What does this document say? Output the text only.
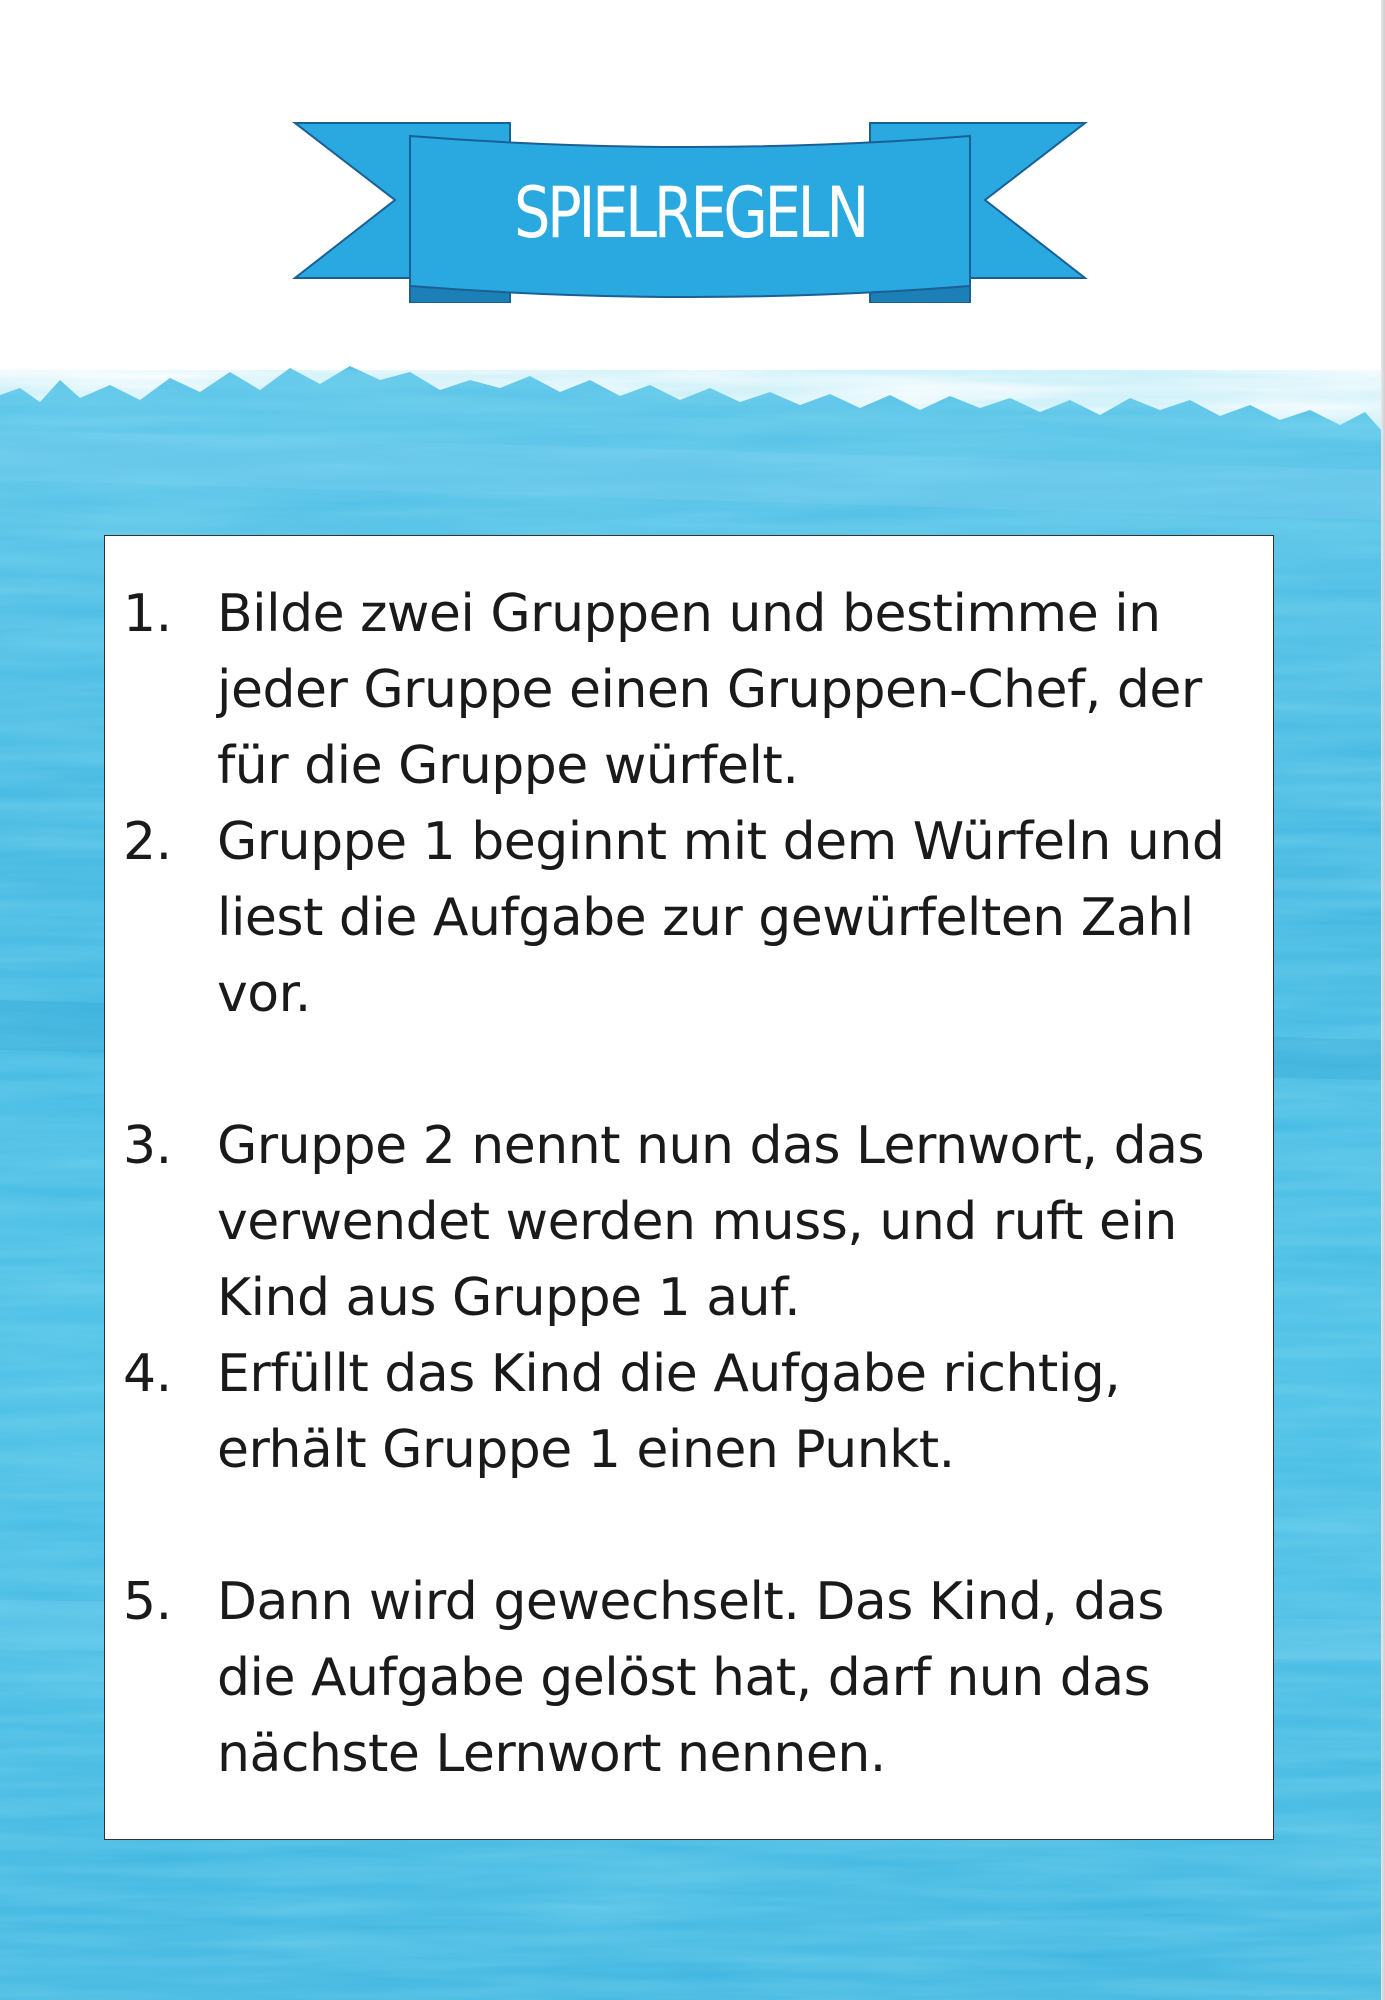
SPIELREGELN
1. Bilde zwei Gruppen und bestimme in jeder Gruppe einen Gruppen-Chef, der für die Gruppe würfelt.
2. Gruppe 1 beginnt mit dem Würfeln und liest die Aufgabe zur gewürfelten Zahl vor.
3. Gruppe 2 nennt nun das Lernwort, das verwendet werden muss, und ruft ein Kind aus Gruppe 1 auf.
4. Erfüllt das Kind die Aufgabe richtig, erhält Gruppe 1 einen Punkt.
5. Dann wird gewechselt. Das Kind, das die Aufgabe gelöst hat, darf nun das nächste Lernwort nennen.
